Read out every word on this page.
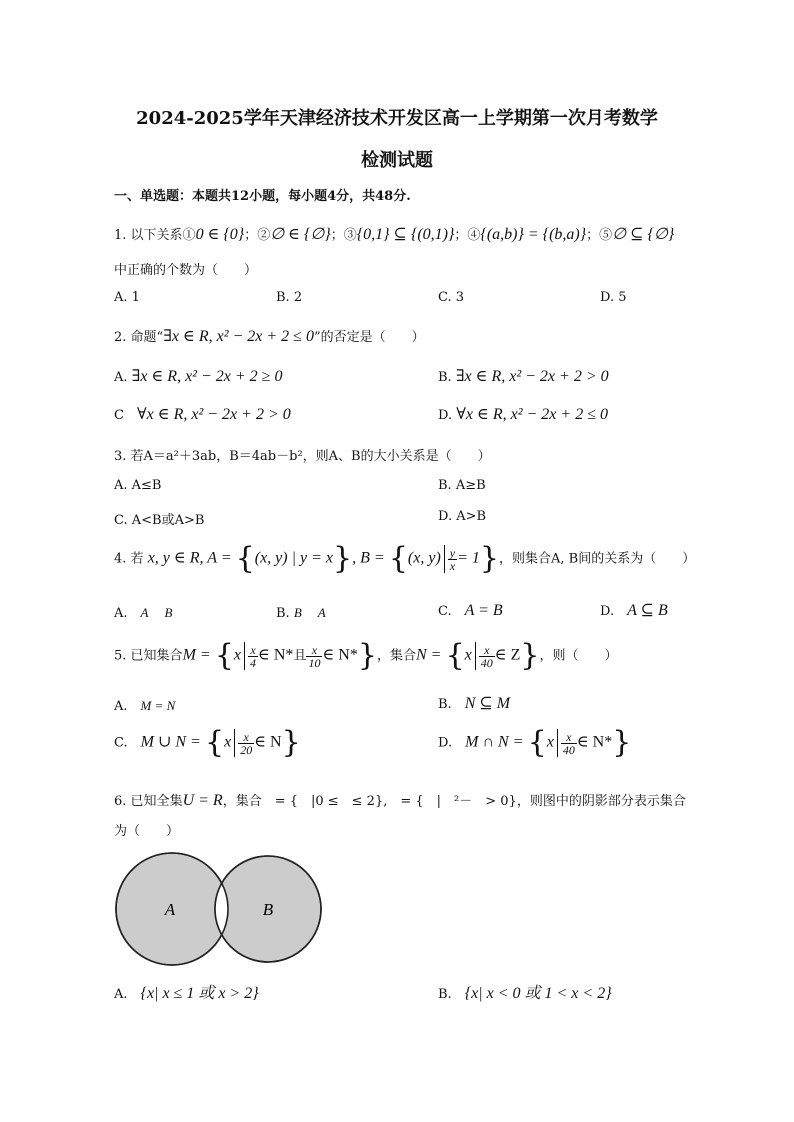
2024-2025学年天津经济技术开发区高一上学期第一次月考数学
检测试题
一、单选题：本题共12小题，每小题4分，共48分.
1. 以下关系①0 ∈ {0}；②∅ ∈ {∅}；③{0,1} ⊆ {(0,1)}；④{(a,b)} = {(b,a)}；⑤∅ ⊆ {∅}
中正确的个数为（　　）
A. 1	B. 2	C. 3	D. 5
2. 命题“∃x ∈ R, x² − 2x + 2 ≤ 0”的否定是（　　）
A. ∃x ∈ R, x² − 2x + 2 ≥ 0	B. ∃x ∈ R, x² − 2x + 2 > 0
C　 ∀x ∈ R, x² − 2x + 2 > 0	D. ∀x ∈ R, x² − 2x + 2 ≤ 0
3. 若A＝a²＋3ab，B＝4ab－b²，则A、B的大小关系是（　　）
A. A≤B	B. A≥B
C. A<B或A>B	D. A>B
4. 若 x, y ∈ R, A = {(x, y) | y = x}, B = {(x, $y) \frac{y}{x} = 1$}，则集合A, B间的关系为（　　）
A.　 A　 B	B. B　 A	C.　 A = B	D.　 A ⊆ B
5. 已知集合$M = \{x \frac{x}{4}$ ∈ N*且 $\frac{x}{10}$ ∈ N*}，集合$N = \{x \frac{x}{40}$ ∈ Z}，则（　　）
A.　 M = N	B.　 N ⊆ M
C.　 M ∪ $N = \{x \frac{x}{20}$ ∈ N}	D.　 M ∩ $N = \{x \frac{x}{40}$ ∈ N*}
6. 已知全集U = R，集合　= {　|0 ≤　≤ 2},　= {　|　²－　> 0}，则图中的阴影部分表示集合
为（　　）
A	B
A.　 {x| x ≤ 1 或 x > 2}	B.　 {x| x < 0 或 1 < x < 2}
